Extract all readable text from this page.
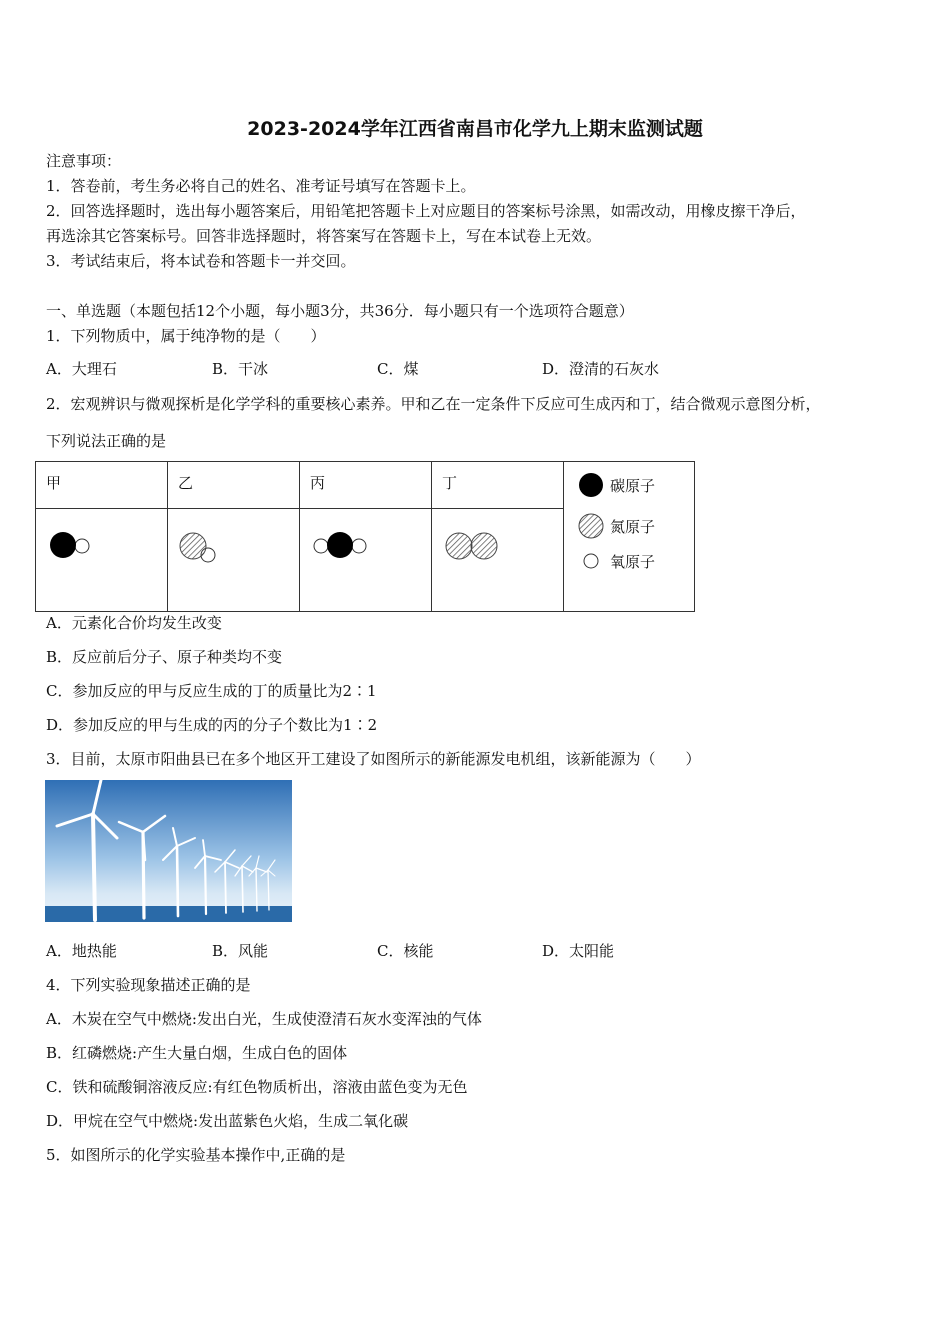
2023-2024学年江西省南昌市化学九上期末监测试题
注意事项：
1．答卷前，考生务必将自己的姓名、准考证号填写在答题卡上。
2．回答选择题时，选出每小题答案后，用铅笔把答题卡上对应题目的答案标号涂黑，如需改动，用橡皮擦干净后，
再选涂其它答案标号。回答非选择题时，将答案写在答题卡上，写在本试卷上无效。
3．考试结束后，将本试卷和答题卡一并交回。
一、单选题（本题包括12个小题，每小题3分，共36分．每小题只有一个选项符合题意）
1．下列物质中，属于纯净物的是（　　）
A．大理石	B．干冰	C．煤	D．澄清的石灰水
2．宏观辨识与微观探析是化学学科的重要核心素养。甲和乙在一定条件下反应可生成丙和丁，结合微观示意图分析，
下列说法正确的是
甲	乙	丙	丁	碳原子
氮原子
氧原子

A．元素化合价均发生改变
B．反应前后分子、原子种类均不变
C．参加反应的甲与反应生成的丁的质量比为2∶1
D．参加反应的甲与生成的丙的分子个数比为1∶2
3．目前，太原市阳曲县已在多个地区开工建设了如图所示的新能源发电机组，该新能源为（　　）
A．地热能	B．风能	C．核能	D．太阳能
4．下列实验现象描述正确的是
A．木炭在空气中燃烧:发出白光，生成使澄清石灰水变浑浊的气体
B．红磷燃烧:产生大量白烟，生成白色的固体
C．铁和硫酸铜溶液反应:有红色物质析出，溶液由蓝色变为无色
D．甲烷在空气中燃烧:发出蓝紫色火焰，生成二氧化碳
5．如图所示的化学实验基本操作中,正确的是
